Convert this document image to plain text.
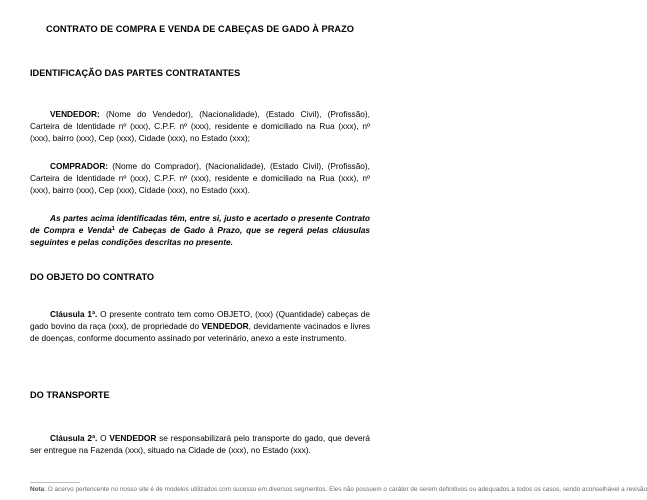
CONTRATO DE COMPRA E VENDA DE CABEÇAS DE GADO À PRAZO
IDENTIFICAÇÃO DAS PARTES CONTRATANTES

VENDEDOR: (Nome do Vendedor), (Nacionalidade), (Estado Civil), (Profissão), Carteira de Identidade nº (xxx), C.P.F. nº (xxx), residente e domiciliado na Rua (xxx), nº (xxx), bairro (xxx), Cep (xxx), Cidade (xxx), no Estado (xxx);

COMPRADOR: (Nome do Comprador), (Nacionalidade), (Estado Civil), (Profissão), Carteira de Identidade nº (xxx), C.P.F. nº (xxx), residente e domiciliado na Rua (xxx), nº (xxx), bairro (xxx), Cep (xxx), Cidade (xxx), no Estado (xxx).

As partes acima identificadas têm, entre si, justo e acertado o presente Contrato de Compra e Venda$^1$ de Cabeças de Gado à Prazo, que se regerá pelas cláusulas seguintes e pelas condições descritas no presente.

DO OBJETO DO CONTRATO

Cláusula 1ª. O presente contrato tem como OBJETO, (xxx) (Quantidade) cabeças de gado bovino da raça (xxx), de propriedade do VENDEDOR, devidamente vacinados e livres de doenças, conforme documento assinado por veterinário, anexo a este instrumento.

DO TRANSPORTE

Cláusula 2ª. O VENDEDOR se responsabilizará pelo transporte do gado, que deverá ser entregue na Fazenda (xxx), situado na Cidade de (xxx), no Estado (xxx).

Nota: O acervo pertencente no nosso site é de modelos utilizados com sucesso em diversos segmentos. Eles não possuem o caráter de serem definitivos ou adequados a todos os casos, sendo aconselhável a revisão
